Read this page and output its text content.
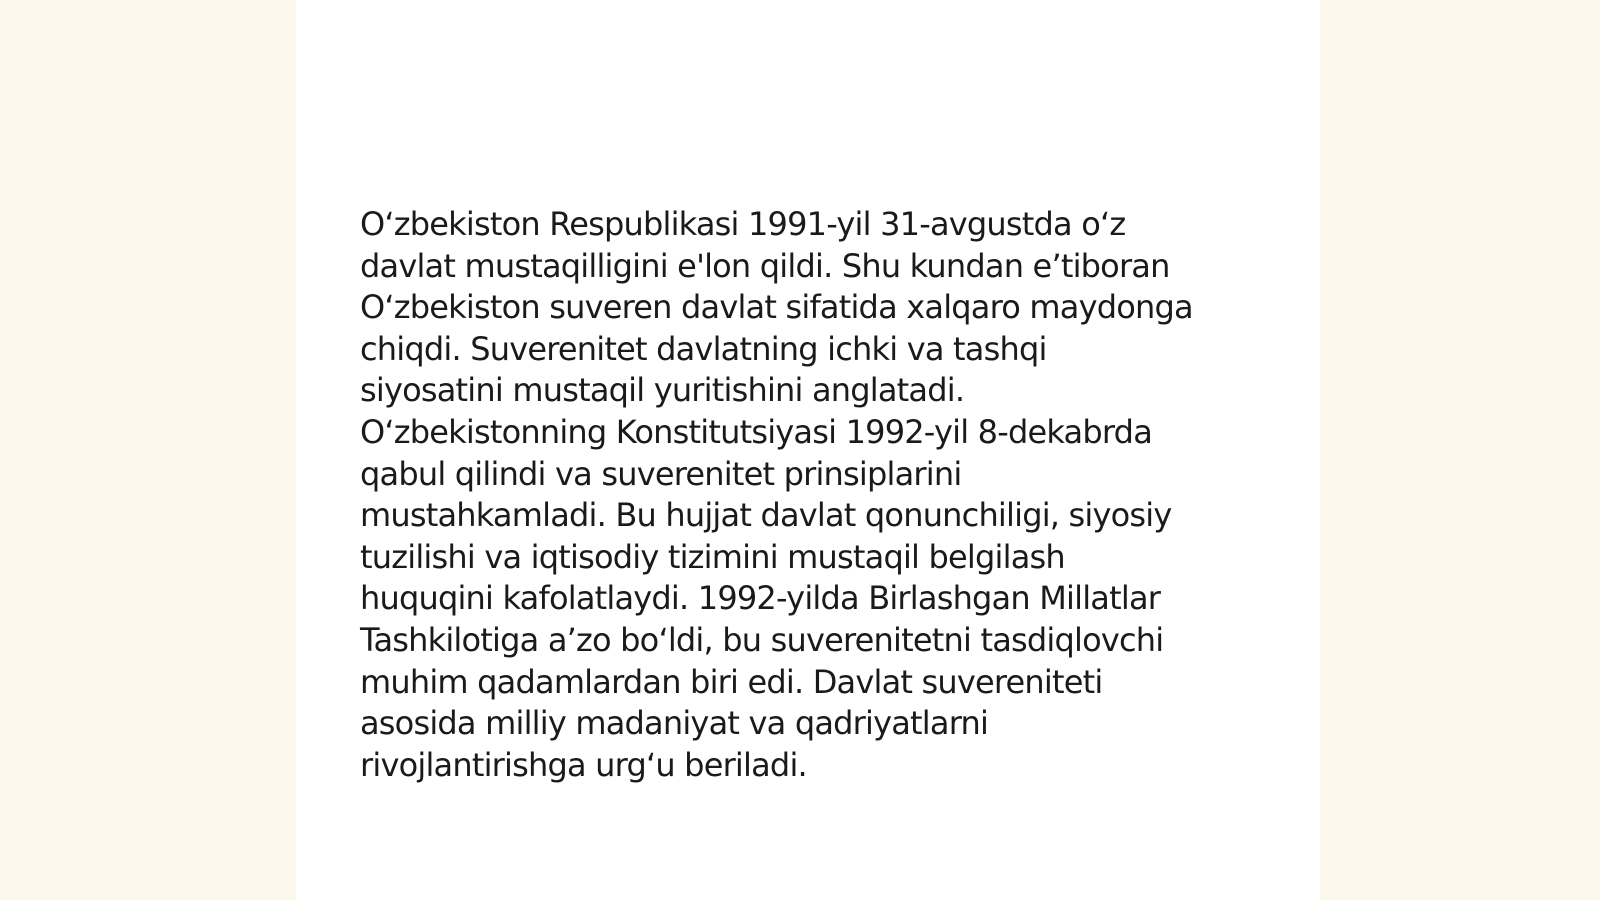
O‘zbekiston Respublikasi 1991-yil 31-avgustda o‘z
davlat mustaqilligini e'lon qildi. Shu kundan e’tiboran
O‘zbekiston suveren davlat sifatida xalqaro maydonga
chiqdi. Suverenitet davlatning ichki va tashqi
siyosatini mustaqil yuritishini anglatadi.
O‘zbekistonning Konstitutsiyasi 1992-yil 8-dekabrda
qabul qilindi va suverenitet prinsiplarini
mustahkamladi. Bu hujjat davlat qonunchiligi, siyosiy
tuzilishi va iqtisodiy tizimini mustaqil belgilash
huquqini kafolatlaydi. 1992-yilda Birlashgan Millatlar
Tashkilotiga a’zo bo‘ldi, bu suverenitetni tasdiqlovchi
muhim qadamlardan biri edi. Davlat suvereniteti
asosida milliy madaniyat va qadriyatlarni
rivojlantirishga urg‘u beriladi.
